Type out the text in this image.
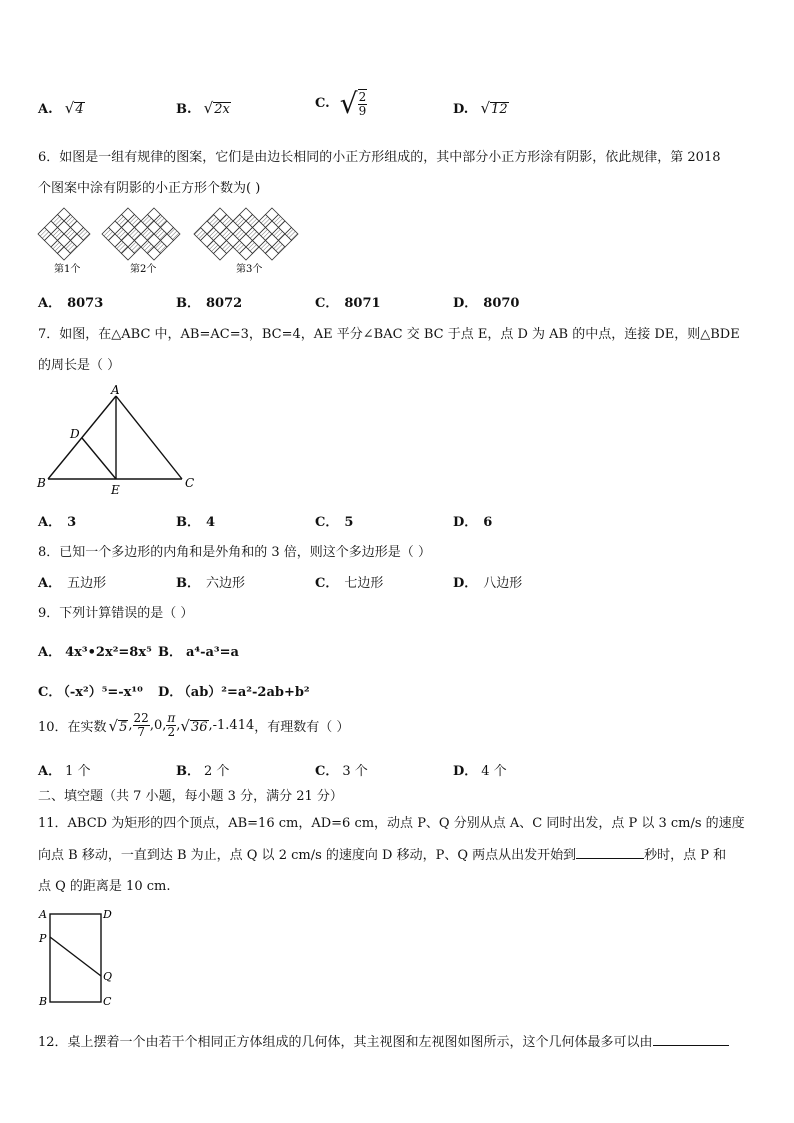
A. √ 4	B. √ 2x	C. √ $\frac{2}{9}$	D. √ 12
6．如图是一组有规律的图案，它们是由边长相同的小正方形组成的，其中部分小正方形涂有阴影，依此规律，第 2018
个图案中涂有阴影的小正方形个数为( )
第1个	第2个	第3个
A． 8073	B． 8072	C． 8071	D． 8070
7．如图，在△ABC 中，AB=AC=3，BC=4，AE 平分∠BAC 交 BC 于点 E，点 D 为 AB 的中点，连接 DE，则△BDE
的周长是（ ）
A
D
B	E	C
A． 3	B． 4	C． 5	D． 6
8．已知一个多边形的内角和是外角和的 3 倍，则这个多边形是（ ）
A． 五边形	B． 六边形	C． 七边形	D． 八边形
9．下列计算错误的是（ ）
A． 4x³•2x²=8x⁵ B． a⁴-a³=a
C． （-x²）⁵=-x¹⁰ D． （ab）²=a²-2ab+b²
10．在实数 √ 5 , $\frac{22}{7} ,0$, $\frac{\pi}{2}$ , √ 36 ,-1.414 ，有理数有（ ）
A． 1 个	B． 2 个	C． 3 个	D． 4 个
二、填空题（共 7 小题，每小题 3 分，满分 21 分）
11．ABCD 为矩形的四个顶点，AB=16 cm，AD=6 cm，动点 P、Q 分别从点 A、C 同时出发，点 P 以 3 cm/s 的速度
向点 B 移动，一直到达 B 为止，点 Q 以 2 cm/s 的速度向 D 移动，P、Q 两点从出发开始到	秒时，点 P 和
点 Q 的距离是 10 cm.
A	D
P
Q
B	C
12．桌上摆着一个由若干个相同正方体组成的几何体，其主视图和左视图如图所示，这个几何体最多可以由
